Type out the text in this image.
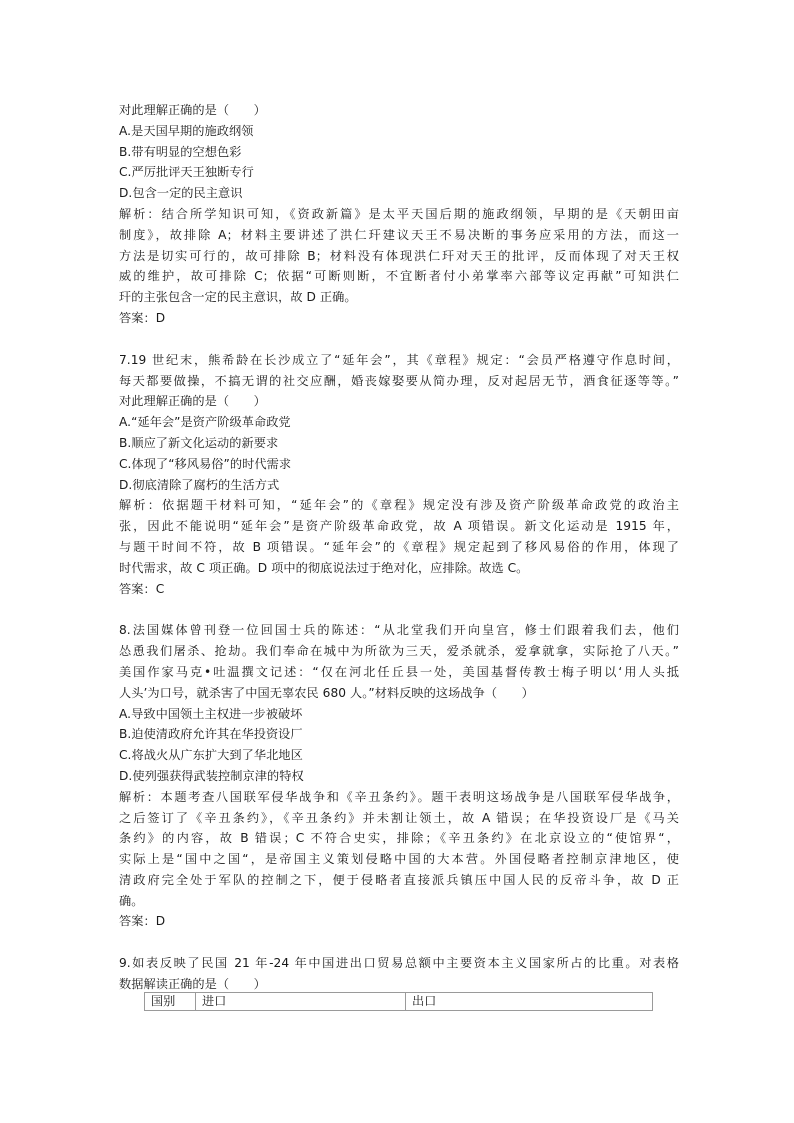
对此理解正确的是（　　）
A.是天国早期的施政纲领
B.带有明显的空想色彩
C.严厉批评天王独断专行
D.包含一定的民主意识
解析：结合所学知识可知，《资政新篇》是太平天国后期的施政纲领，早期的是《天朝田亩
制度》，故排除 A；材料主要讲述了洪仁玕建议天王不易决断的事务应采用的方法，而这一
方法是切实可行的，故可排除 B；材料没有体现洪仁玕对天王的批评，反而体现了对天王权
威的维护，故可排除 C；依据“可断则断，不宜断者付小弟掌率六部等议定再献”可知洪仁
玕的主张包含一定的民主意识，故 D 正确。
答案：D
7.19 世纪末，熊希龄在长沙成立了“延年会”，其《章程》规定：“会员严格遵守作息时间，
每天都要做操，不搞无谓的社交应酬，婚丧嫁娶要从简办理，反对起居无节，酒食征逐等等。”
对此理解正确的是（　　）
A.“延年会”是资产阶级革命政党
B.顺应了新文化运动的新要求
C.体现了“移风易俗”的时代需求
D.彻底清除了腐朽的生活方式
解析：依据题干材料可知，“延年会”的《章程》规定没有涉及资产阶级革命政党的政治主
张，因此不能说明“延年会”是资产阶级革命政党，故 A 项错误。新文化运动是 1915 年，
与题干时间不符，故 B 项错误。“延年会”的《章程》规定起到了移风易俗的作用，体现了
时代需求，故 C 项正确。D 项中的彻底说法过于绝对化，应排除。故选 C。
答案：C
8.法国媒体曾刊登一位回国士兵的陈述：“从北堂我们开向皇宫，修士们跟着我们去，他们
怂恿我们屠杀、抢劫。我们奉命在城中为所欲为三天，爱杀就杀，爱拿就拿，实际抢了八天。”
美国作家马克•吐温撰文记述：“仅在河北任丘县一处，美国基督传教士梅子明以‘用人头抵
人头’为口号，就杀害了中国无辜农民 680 人。”材料反映的这场战争（　　）
A.导致中国领土主权进一步被破坏
B.迫使清政府允许其在华投资设厂
C.将战火从广东扩大到了华北地区
D.使列强获得武装控制京津的特权
解析：本题考查八国联军侵华战争和《辛丑条约》。题干表明这场战争是八国联军侵华战争，
之后签订了《辛丑条约》，《辛丑条约》并未割让领土，故 A 错误；在华投资设厂是《马关
条约》的内容，故 B 错误；C 不符合史实，排除；《辛丑条约》在北京设立的“使馆界“，
实际上是“国中之国“，是帝国主义策划侵略中国的大本营。外国侵略者控制京津地区，使
清政府完全处于军队的控制之下，便于侵略者直接派兵镇压中国人民的反帝斗争，故 D 正
确。
答案：D
9.如表反映了民国 21 年-24 年中国进出口贸易总额中主要资本主义国家所占的比重。对表格
数据解读正确的是（　　）
国别	进口	出口
